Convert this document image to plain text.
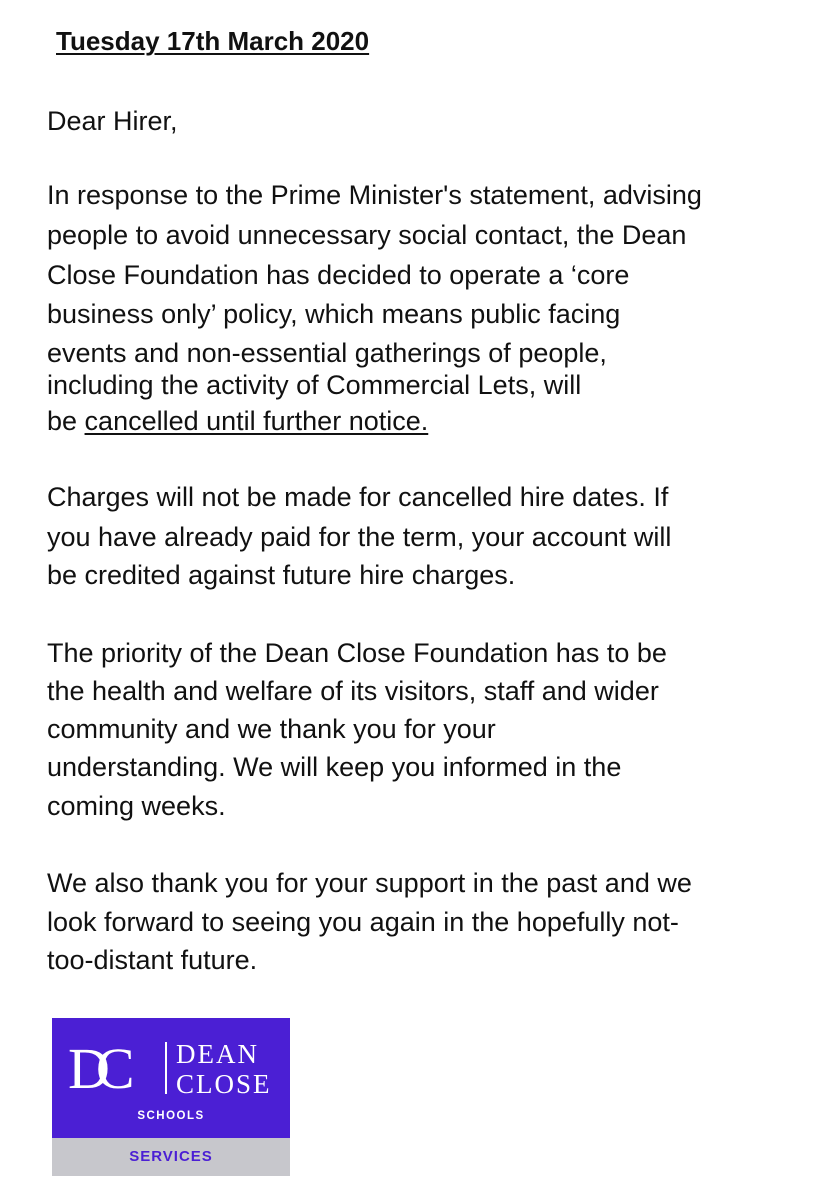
Tuesday 17th March 2020
Dear Hirer,
In response to the Prime Minister's statement, advising
people to avoid unnecessary social contact, the Dean
Close Foundation has decided to operate a ‘core
business only’ policy, which means public facing
events and non-essential gatherings of people,
including the activity of Commercial Lets, will
be cancelled until further notice.
Charges will not be made for cancelled hire dates. If
you have already paid for the term, your account will
be credited against future hire charges.
The priority of the Dean Close Foundation has to be
the health and welfare of its visitors, staff and wider
community and we thank you for your
understanding. We will keep you informed in the
coming weeks.
We also thank you for your support in the past and we
look forward to seeing you again in the hopefully not-
too-distant future.
DC DEAN
CLOSE
SCHOOLS
SERVICES
